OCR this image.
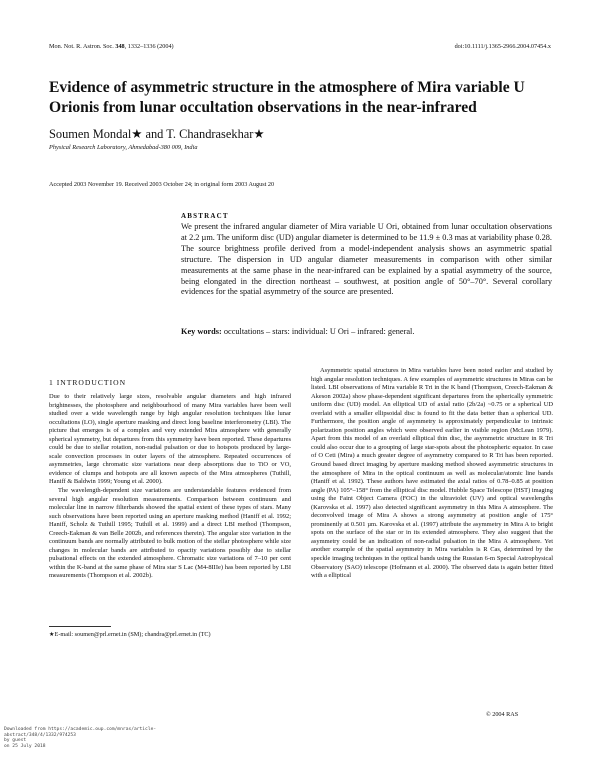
Mon. Not. R. Astron. Soc. 348, 1332–1336 (2004)	doi:10.1111/j.1365-2966.2004.07454.x
Evidence of asymmetric structure in the atmosphere of Mira variable U Orionis from lunar occultation observations in the near-infrared
Soumen Mondal★ and T. Chandrasekhar★
Physical Research Laboratory, Ahmedabad-380 009, India
Accepted 2003 November 19. Received 2003 October 24; in original form 2003 August 20
ABSTRACT
We present the infrared angular diameter of Mira variable U Ori, obtained from lunar occultation observations at 2.2 µm. The uniform disc (UD) angular diameter is determined to be 11.9 ± 0.3 mas at variability phase 0.28. The source brightness profile derived from a model-independent analysis shows an asymmetric spatial structure. The dispersion in UD angular diameter measurements in comparison with other similar measurements at the same phase in the near-infrared can be explained by a spatial asymmetry of the source, being elongated in the direction northeast – southwest, at position angle of 50°–70°. Several corollary evidences for the spatial asymmetry of the source are presented.
Key words: occultations – stars: individual: U Ori – infrared: general.
1 INTRODUCTION

Due to their relatively large sizes, resolvable angular diameters and high infrared brightnesses, the photosphere and neighbourhood of many Mira variables have been well studied over a wide wavelength range by high angular resolution techniques like lunar occultations (LO), single aperture masking and direct long baseline interferometry (LBI). The picture that emerges is of a complex and very extended Mira atmosphere with generally spherical symmetry, but departures from this symmetry have been reported. These departures could be due to stellar rotation, non-radial pulsation or due to hotspots produced by large-scale convection processes in outer layers of the atmosphere. Repeated occurrences of asymmetries, large chromatic size variations near deep absorptions due to TiO or VO, evidence of clumps and hotspots are all known aspects of the Mira atmospheres (Tuthill, Haniff & Baldwin 1999; Young et al. 2000).

The wavelength-dependent size variations are understandable features evidenced from several high angular resolution measurements. Comparison between continuum and molecular line in narrow filterbands showed the spatial extent of these types of stars. Many such observations have been reported using an aperture masking method (Haniff et al. 1992; Haniff, Scholz & Tuthill 1995; Tuthill et al. 1999) and a direct LBI method (Thompson, Creech-Eakman & van Belle 2002b, and references therein). The angular size variation in the continuum bands are normally attributed to bulk motion of the stellar photosphere while size changes in molecular bands are attributed to opacity variations possibly due to stellar pulsational effects on the extended atmosphere. Chromatic size variations of 7–10 per cent within the K-band at the same phase of Mira star S Lac (M4-8IIIe) has been reported by LBI measurements (Thompson et al. 2002b).

Asymmetric spatial structures in Mira variables have been noted earlier and studied by high angular resolution techniques. A few examples of asymmetric structures in Miras can be listed. LBI observations of Mira variable R Tri in the K band (Thompson, Creech-Eakman & Akeson 2002a) show phase-dependent significant departures from the spherically symmetric uniform disc (UD) model. An elliptical UD of axial ratio (2b/2a) ~0.75 or a spherical UD overlaid with a smaller ellipsoidal disc is found to fit the data better than a spherical UD. Furthermore, the position angle of asymmetry is approximately perpendicular to intrinsic polarization position angles which were observed earlier in visible region (McLean 1979). Apart from this model of an overlaid elliptical thin disc, the asymmetric structure in R Tri could also occur due to a grouping of large star-spots about the photospheric equator. In case of O Ceti (Mira) a much greater degree of asymmetry compared to R Tri has been reported. Ground based direct imaging by aperture masking method showed asymmetric structures in the atmosphere of Mira in the optical continuum as well as molecular/atomic line bands (Haniff et al. 1992). These authors have estimated the axial ratios of 0.78–0.85 at position angle (PA) 105°–158° from the elliptical disc model. Hubble Space Telescope (HST) imaging using the Faint Object Camera (FOC) in the ultraviolet (UV) and optical wavelengths (Karovska et al. 1997) also detected significant asymmetry in this Mira A atmosphere. The deconvolved image of Mira A shows a strong asymmetry at position angle of 175° prominently at 0.501 µm. Karovska et al. (1997) attribute the asymmetry in Mira A to bright spots on the surface of the star or in its extended atmosphere. They also suggest that the asymmetry could be an indication of non-radial pulsation in the Mira A atmosphere. Yet another example of the spatial asymmetry in Mira variables is R Cas, determined by the speckle imaging techniques in the optical bands using the Russian 6-m Special Astrophysical Observatory (SAO) telescope (Hofmann et al. 2000). The observed data is again better fitted with a elliptical

★E-mail: soumen@prl.ernet.in (SM); chandra@prl.ernet.in (TC)
© 2004 RAS
Downloaded from https://academic.oup.com/mnras/article-abstract/348/4/1332/974253
by guest
on 25 July 2018
